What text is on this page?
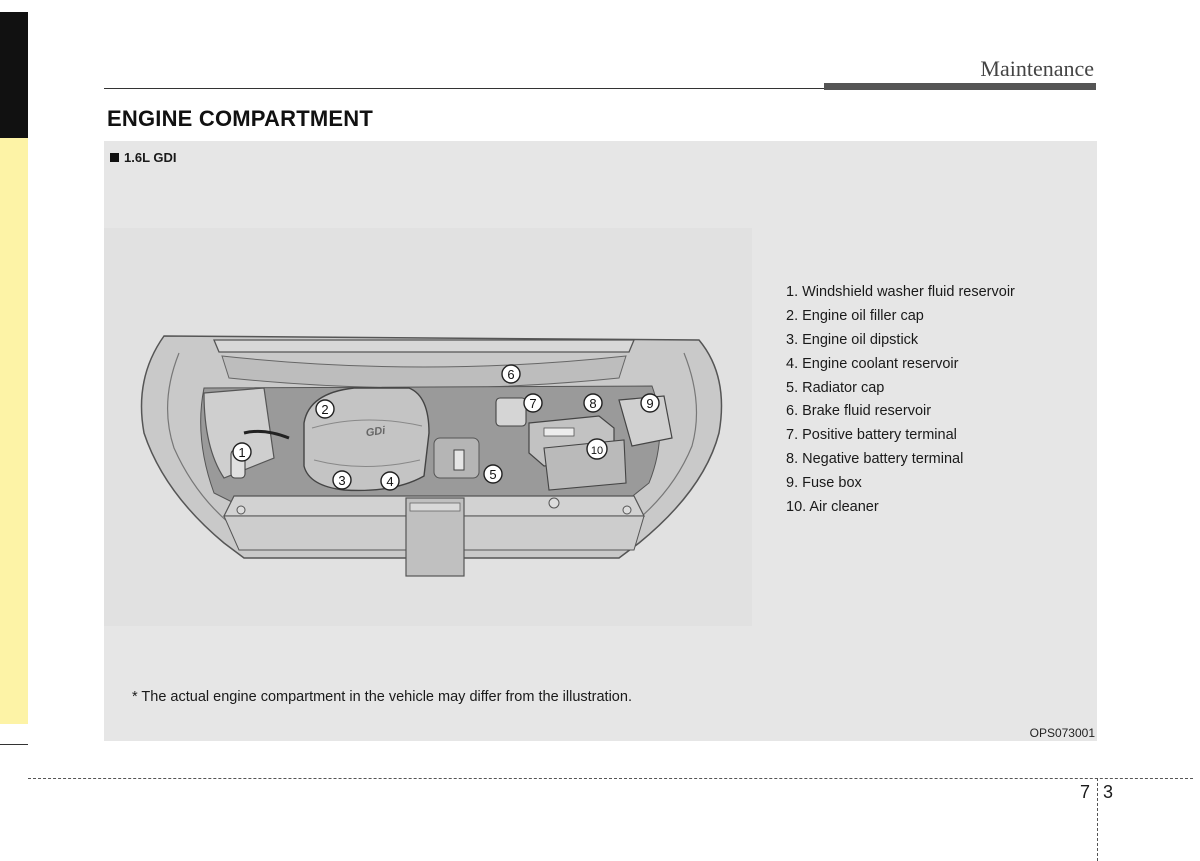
Maintenance
ENGINE COMPARTMENT
1.6L GDI
GDi
1
2
3	4	5
6
7	8	9
10
1. Windshield washer fluid reservoir
2. Engine oil filler cap
3. Engine oil dipstick
4. Engine coolant reservoir
5. Radiator cap
6. Brake fluid reservoir
7. Positive battery terminal
8. Negative battery terminal
9. Fuse box
10. Air cleaner
* The actual engine compartment in the vehicle may differ from the illustration.
OPS073001
7 3
